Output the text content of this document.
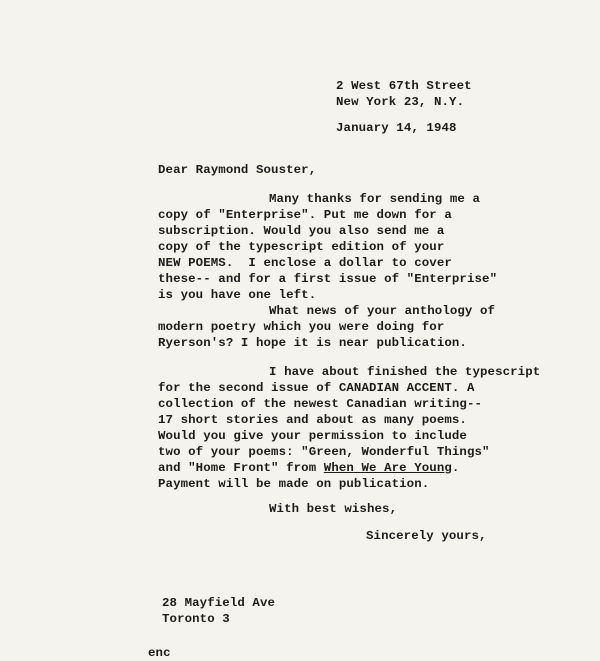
2 West 67th Street
New York 23, N.Y.
January 14, 1948
Dear Raymond Souster,
Many thanks for sending me a
copy of "Enterprise". Put me down for a
subscription. Would you also send me a
copy of the typescript edition of your
NEW POEMS.  I enclose a dollar to cover
these-- and for a first issue of "Enterprise"
is you have one left.
What news of your anthology of
modern poetry which you were doing for
Ryerson's? I hope it is near publication.
I have about finished the typescript
for the second issue of CANADIAN ACCENT. A
collection of the newest Canadian writing--
17 short stories and about as many poems.
Would you give your permission to include
two of your poems: "Green, Wonderful Things"
and "Home Front" from When We Are Young.
Payment will be made on publication.
With best wishes,
Sincerely yours,
28 Mayfield Ave
Toronto 3
enc
